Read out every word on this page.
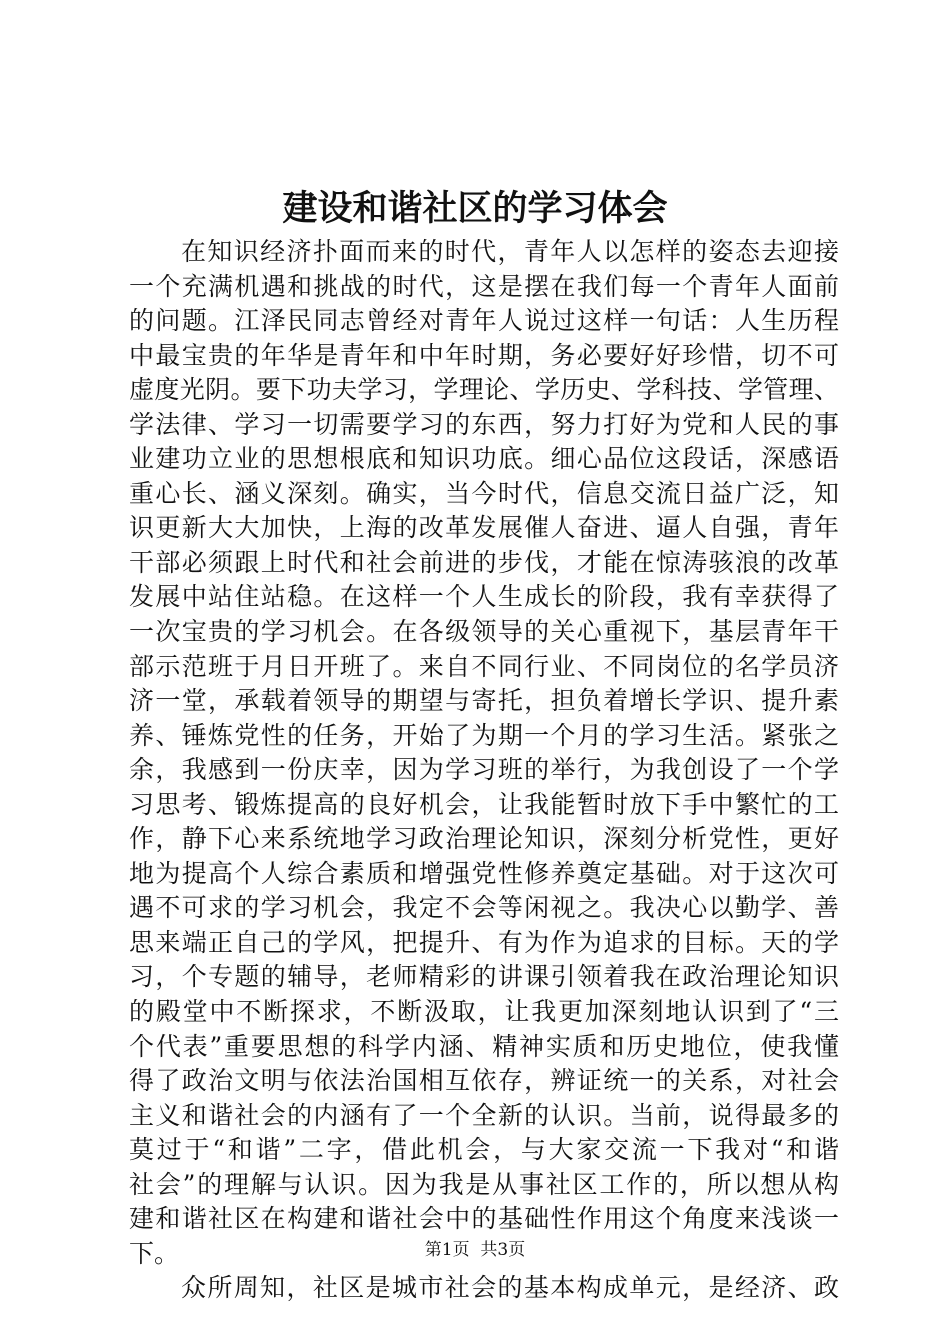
建设和谐社区的学习体会
在知识经济扑面而来的时代，青年人以怎样的姿态去迎接
一个充满机遇和挑战的时代，这是摆在我们每一个青年人面前
的问题。江泽民同志曾经对青年人说过这样一句话：人生历程
中最宝贵的年华是青年和中年时期，务必要好好珍惜，切不可
虚度光阴。要下功夫学习，学理论、学历史、学科技、学管理、
学法律、学习一切需要学习的东西，努力打好为党和人民的事
业建功立业的思想根底和知识功底。细心品位这段话，深感语
重心长、涵义深刻。确实，当今时代，信息交流日益广泛，知
识更新大大加快，上海的改革发展催人奋进、逼人自强，青年
干部必须跟上时代和社会前进的步伐，才能在惊涛骇浪的改革
发展中站住站稳。在这样一个人生成长的阶段，我有幸获得了
一次宝贵的学习机会。在各级领导的关心重视下，基层青年干
部示范班于月日开班了。来自不同行业、不同岗位的名学员济
济一堂，承载着领导的期望与寄托，担负着增长学识、提升素
养、锤炼党性的任务，开始了为期一个月的学习生活。紧张之
余，我感到一份庆幸，因为学习班的举行，为我创设了一个学
习思考、锻炼提高的良好机会，让我能暂时放下手中繁忙的工
作，静下心来系统地学习政治理论知识，深刻分析党性，更好
地为提高个人综合素质和增强党性修养奠定基础。对于这次可
遇不可求的学习机会，我定不会等闲视之。我决心以勤学、善
思来端正自己的学风，把提升、有为作为追求的目标。天的学
习，个专题的辅导，老师精彩的讲课引领着我在政治理论知识
的殿堂中不断探求，不断汲取，让我更加深刻地认识到了“三
个代表”重要思想的科学内涵、精神实质和历史地位，使我懂
得了政治文明与依法治国相互依存，辨证统一的关系，对社会
主义和谐社会的内涵有了一个全新的认识。当前，说得最多的
莫过于“和谐”二字，借此机会，与大家交流一下我对“和谐
社会”的理解与认识。因为我是从事社区工作的，所以想从构
建和谐社区在构建和谐社会中的基础性作用这个角度来浅谈一
下。
众所周知，社区是城市社会的基本构成单元，是经济、政
第1页  共3页
